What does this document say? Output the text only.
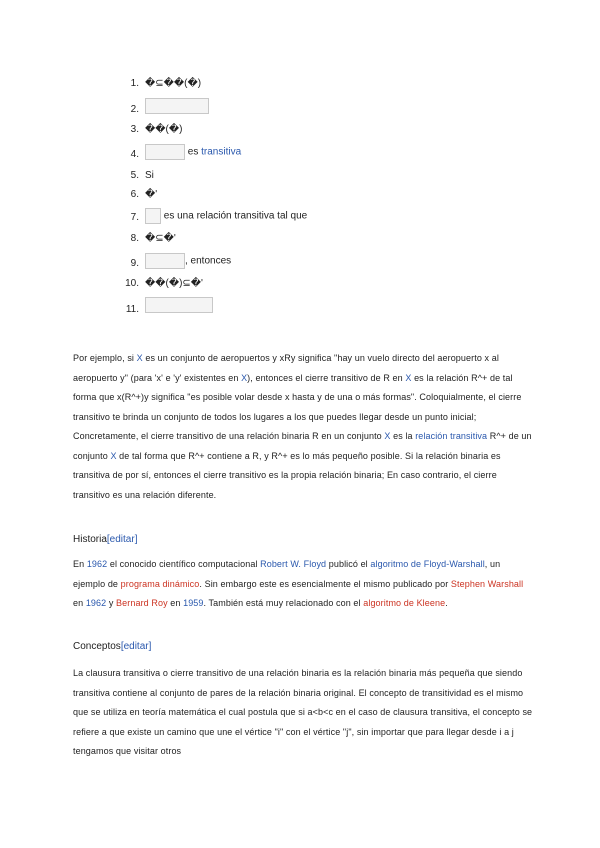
1. �⊆��(�)
2.
3. ��(�)
4.	es transitiva
5. Si
6. �'
7.	es una relación transitiva tal que
8. �⊆�'
9.	, entonces
10. ��(�)⊆�'
11.

Por ejemplo, si X es un conjunto de aeropuertos y xRy significa "hay un vuelo directo del aeropuerto x al aeropuerto y" (para 'x' e 'y' existentes en X), entonces el cierre transitivo de R en X es la relación R^+ de tal forma que x(R^+)y significa "es posible volar desde x hasta y de una o más formas". Coloquialmente, el cierre transitivo te brinda un conjunto de todos los lugares a los que puedes llegar desde un punto inicial; Concretamente, el cierre transitivo de una relación binaria R en un conjunto X es la relación transitiva R^+ de un conjunto X de tal forma que R^+ contiene a R, y R^+ es lo más pequeño posible. Si la relación binaria es transitiva de por sí, entonces el cierre transitivo es la propia relación binaria; En caso contrario, el cierre transitivo es una relación diferente.

Historia[editar]

En 1962 el conocido científico computacional Robert W. Floyd publicó el algoritmo de Floyd-Warshall, un ejemplo de programa dinámico. Sin embargo este es esencialmente el mismo publicado por Stephen Warshall en 1962 y Bernard Roy en 1959. También está muy relacionado con el algoritmo de Kleene.

Conceptos[editar]

La clausura transitiva o cierre transitivo de una relación binaria es la relación binaria más pequeña que siendo transitiva contiene al conjunto de pares de la relación binaria original. El concepto de transitividad es el mismo que se utiliza en teoría matemática el cual postula que si a<b<c en el caso de clausura transitiva, el concepto se refiere a que existe un camino que une el vértice "i" con el vértice "j", sin importar que para llegar desde i a j tengamos que visitar otros
